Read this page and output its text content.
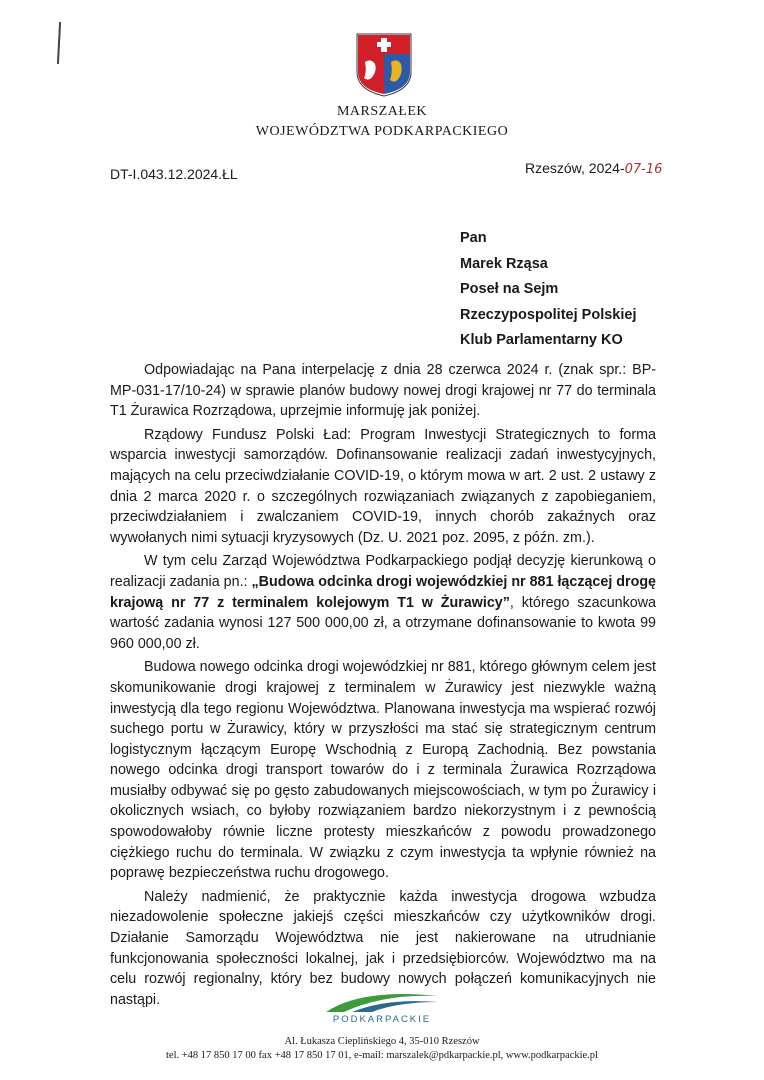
MARSZAŁEK
WOJEWÓDZTWA PODKARPACKIEGO
DT-I.043.12.2024.ŁL	Rzeszów, 2024-07-16
Pan
Marek Rząsa
Poseł na Sejm
Rzeczypospolitej Polskiej
Klub Parlamentarny KO

Odpowiadając na Pana interpelację z dnia 28 czerwca 2024 r. (znak spr.: BP-MP-031-17/10-24) w sprawie planów budowy nowej drogi krajowej nr 77 do terminala T1 Żurawica Rozrządowa, uprzejmie informuję jak poniżej.

Rządowy Fundusz Polski Ład: Program Inwestycji Strategicznych to forma wsparcia inwestycji samorządów. Dofinansowanie realizacji zadań inwestycyjnych, mających na celu przeciwdziałanie COVID-19, o którym mowa w art. 2 ust. 2 ustawy z dnia 2 marca 2020 r. o szczególnych rozwiązaniach związanych z zapobieganiem, przeciwdziałaniem i zwalczaniem COVID-19, innych chorób zakaźnych oraz wywołanych nimi sytuacji kryzysowych (Dz. U. 2021 poz. 2095, z późn. zm.).

W tym celu Zarząd Województwa Podkarpackiego podjął decyzję kierunkową o realizacji zadania pn.: „Budowa odcinka drogi wojewódzkiej nr 881 łączącej drogę krajową nr 77 z terminalem kolejowym T1 w Żurawicy”, którego szacunkowa wartość zadania wynosi 127 500 000,00 zł, a otrzymane dofinansowanie to kwota 99 960 000,00 zł.

Budowa nowego odcinka drogi wojewódzkiej nr 881, którego głównym celem jest skomunikowanie drogi krajowej z terminalem w Żurawicy jest niezwykle ważną inwestycją dla tego regionu Województwa. Planowana inwestycja ma wspierać rozwój suchego portu w Żurawicy, który w przyszłości ma stać się strategicznym centrum logistycznym łączącym Europę Wschodnią z Europą Zachodnią. Bez powstania nowego odcinka drogi transport towarów do i z terminala Żurawica Rozrządowa musiałby odbywać się po gęsto zabudowanych miejscowościach, w tym po Żurawicy i okolicznych wsiach, co byłoby rozwiązaniem bardzo niekorzystnym i z pewnością spowodowałoby równie liczne protesty mieszkańców z powodu prowadzonego ciężkiego ruchu do terminala. W związku z czym inwestycja ta wpłynie również na poprawę bezpieczeństwa ruchu drogowego.

Należy nadmienić, że praktycznie każda inwestycja drogowa wzbudza niezadowolenie społeczne jakiejś części mieszkańców czy użytkowników drogi. Działanie Samorządu Województwa nie jest nakierowane na utrudnianie funkcjonowania społeczności lokalnej, jak i przedsiębiorców. Województwo ma na celu rozwój regionalny, który bez budowy nowych połączeń komunikacyjnych nie nastąpi.

PODKARPACKIE
Al. Łukasza Cieplińskiego 4, 35-010 Rzeszów
tel. +48 17 850 17 00 fax +48 17 850 17 01, e-mail: marszalek@pdkarpackie.pl, www.podkarpackie.pl
